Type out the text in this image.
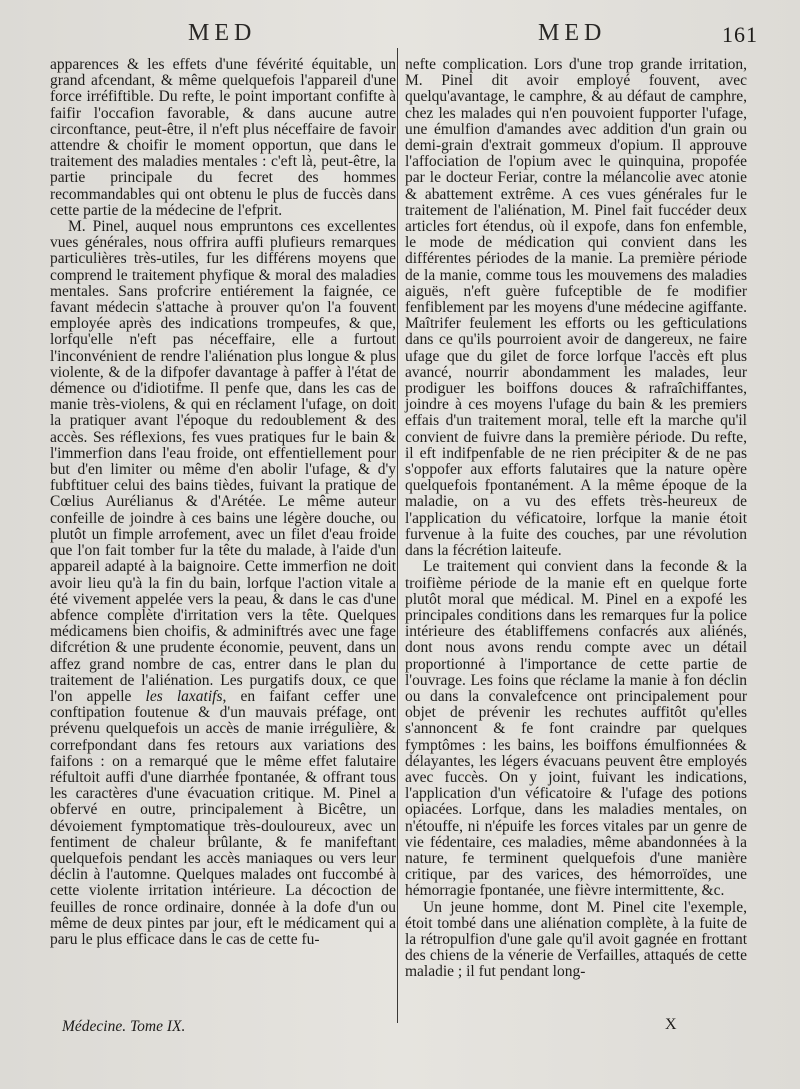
MED	MED	161

apparences & les effets d'une févérité équitable, un grand afcendant, & même quelquefois l'appareil d'une force irréfiftible. Du refte, le point important confifte à faifir l'occafion favorable, & dans aucune autre circonftance, peut-être, il n'eft plus néceffaire de favoir attendre & choifir le moment opportun, que dans le traitement des maladies mentales : c'eft là, peut-être, la partie principale du fecret des hommes recommandables qui ont obtenu le plus de fuccès dans cette partie de la médecine de l'efprit.

M. Pinel, auquel nous empruntons ces excellentes vues générales, nous offrira auffi plufieurs remarques particulières très-utiles, fur les différens moyens que comprend le traitement phyfique & moral des maladies mentales. Sans profcrire entiérement la faignée, ce favant médecin s'attache à prouver qu'on l'a fouvent employée après des indications trompeufes, & que, lorfqu'elle n'eft pas néceffaire, elle a furtout l'inconvénient de rendre l'aliénation plus longue & plus violente, & de la difpofer davantage à paffer à l'état de démence ou d'idiotifme. Il penfe que, dans les cas de manie très-violens, & qui en réclament l'ufage, on doit la pratiquer avant l'époque du redoublement & des accès. Ses réflexions, fes vues pratiques fur le bain & l'immerfion dans l'eau froide, ont effentiellement pour but d'en limiter ou même d'en abolir l'ufage, & d'y fubftituer celui des bains tièdes, fuivant la pratique de Cœlius Aurélianus & d'Arétée. Le même auteur confeille de joindre à ces bains une légère douche, ou plutôt un fimple arrofement, avec un filet d'eau froide que l'on fait tomber fur la tête du malade, à l'aide d'un appareil adapté à la baignoire. Cette immerfion ne doit avoir lieu qu'à la fin du bain, lorfque l'action vitale a été vivement appelée vers la peau, & dans le cas d'une abfence complète d'irritation vers la tête. Quelques médicamens bien choifis, & adminiftrés avec une fage difcrétion & une prudente économie, peuvent, dans un affez grand nombre de cas, entrer dans le plan du traitement de l'aliénation. Les purgatifs doux, ce que l'on appelle les laxatifs, en faifant ceffer une conftipation foutenue & d'un mauvais préfage, ont prévenu quelquefois un accès de manie irrégulière, & correfpondant dans fes retours aux variations des faifons : on a remarqué que le même effet falutaire réfultoit auffi d'une diarrhée fpontanée, & offrant tous les caractères d'une évacuation critique. M. Pinel a obfervé en outre, principalement à Bicêtre, un dévoiement fymptomatique très-douloureux, avec un fentiment de chaleur brûlante, & fe manifeftant quelquefois pendant les accès maniaques ou vers leur déclin à l'automne. Quelques malades ont fuccombé à cette violente irritation intérieure. La décoction de feuilles de ronce ordinaire, donnée à la dofe d'un ou même de deux pintes par jour, eft le médicament qui a paru le plus efficace dans le cas de cette fu-

nefte complication. Lors d'une trop grande irritation, M. Pinel dit avoir employé fouvent, avec quelqu'avantage, le camphre, & au défaut de camphre, chez les malades qui n'en pouvoient fupporter l'ufage, une émulfion d'amandes avec addition d'un grain ou demi-grain d'extrait gommeux d'opium. Il approuve l'affociation de l'opium avec le quinquina, propofée par le docteur Feriar, contre la mélancolie avec atonie & abattement extrême. A ces vues générales fur le traitement de l'aliénation, M. Pinel fait fuccéder deux articles fort étendus, où il expofe, dans fon enfemble, le mode de médication qui convient dans les différentes périodes de la manie. La première période de la manie, comme tous les mouvemens des maladies aiguës, n'eft guère fufceptible de fe modifier fenfiblement par les moyens d'une médecine agiffante. Maîtrifer feulement les efforts ou les gefticulations dans ce qu'ils pourroient avoir de dangereux, ne faire ufage que du gilet de force lorfque l'accès eft plus avancé, nourrir abondamment les malades, leur prodiguer les boiffons douces & rafraîchiffantes, joindre à ces moyens l'ufage du bain & les premiers effais d'un traitement moral, telle eft la marche qu'il convient de fuivre dans la première période. Du refte, il eft indifpenfable de ne rien précipiter & de ne pas s'oppofer aux efforts falutaires que la nature opère quelquefois fpontanément. A la même époque de la maladie, on a vu des effets très-heureux de l'application du véficatoire, lorfque la manie étoit furvenue à la fuite des couches, par une révolution dans la fécrétion laiteufe.

Le traitement qui convient dans la feconde & la troifième période de la manie eft en quelque forte plutôt moral que médical. M. Pinel en a expofé les principales conditions dans les remarques fur la police intérieure des établiffemens confacrés aux aliénés, dont nous avons rendu compte avec un détail proportionné à l'importance de cette partie de l'ouvrage. Les foins que réclame la manie à fon déclin ou dans la convalefcence ont principalement pour objet de prévenir les rechutes auffitôt qu'elles s'annoncent & fe font craindre par quelques fymptômes : les bains, les boiffons émulfionnées & délayantes, les légers évacuans peuvent être employés avec fuccès. On y joint, fuivant les indications, l'application d'un véficatoire & l'ufage des potions opiacées. Lorfque, dans les maladies mentales, on n'étouffe, ni n'épuife les forces vitales par un genre de vie fédentaire, ces maladies, même abandonnées à la nature, fe terminent quelquefois d'une manière critique, par des varices, des hémorroïdes, une hémorragie fpontanée, une fièvre intermittente, &c.

Un jeune homme, dont M. Pinel cite l'exemple, étoit tombé dans une aliénation complète, à la fuite de la rétropulfion d'une gale qu'il avoit gagnée en frottant des chiens de la vénerie de Verfailles, attaqués de cette maladie ; il fut pendant long-

Médecine. Tome IX.	X
